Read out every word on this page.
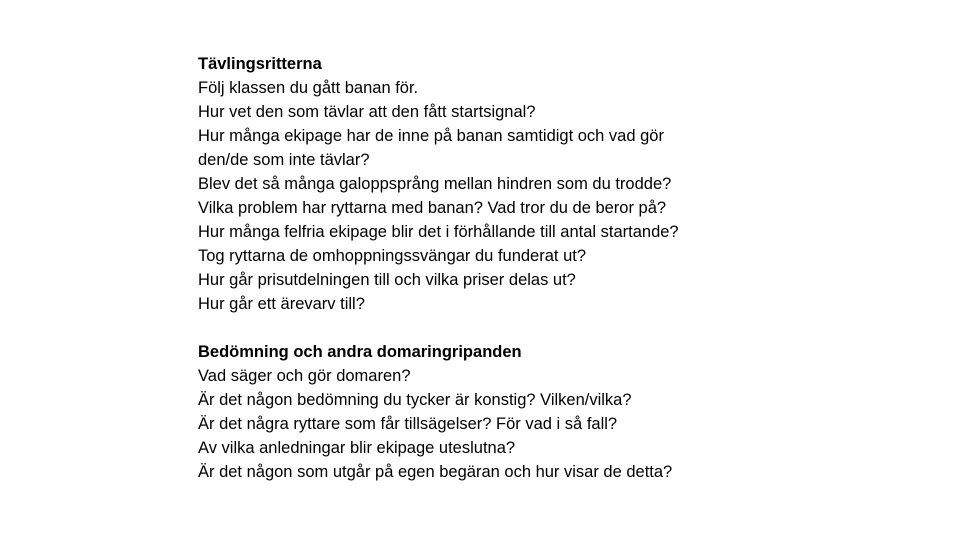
Tävlingsritterna
Följ klassen du gått banan för.
Hur vet den som tävlar att den fått startsignal?
Hur många ekipage har de inne på banan samtidigt och vad gör
den/de som inte tävlar?
Blev det så många galoppsprång mellan hindren som du trodde?
Vilka problem har ryttarna med banan? Vad tror du de beror på?
Hur många felfria ekipage blir det i förhållande till antal startande?
Tog ryttarna de omhoppningssvängar du funderat ut?
Hur går prisutdelningen till och vilka priser delas ut?
Hur går ett ärevarv till?
Bedömning och andra domaringripanden
Vad säger och gör domaren?
Är det någon bedömning du tycker är konstig? Vilken/vilka?
Är det några ryttare som får tillsägelser? För vad i så fall?
Av vilka anledningar blir ekipage uteslutna?
Är det någon som utgår på egen begäran och hur visar de detta?
